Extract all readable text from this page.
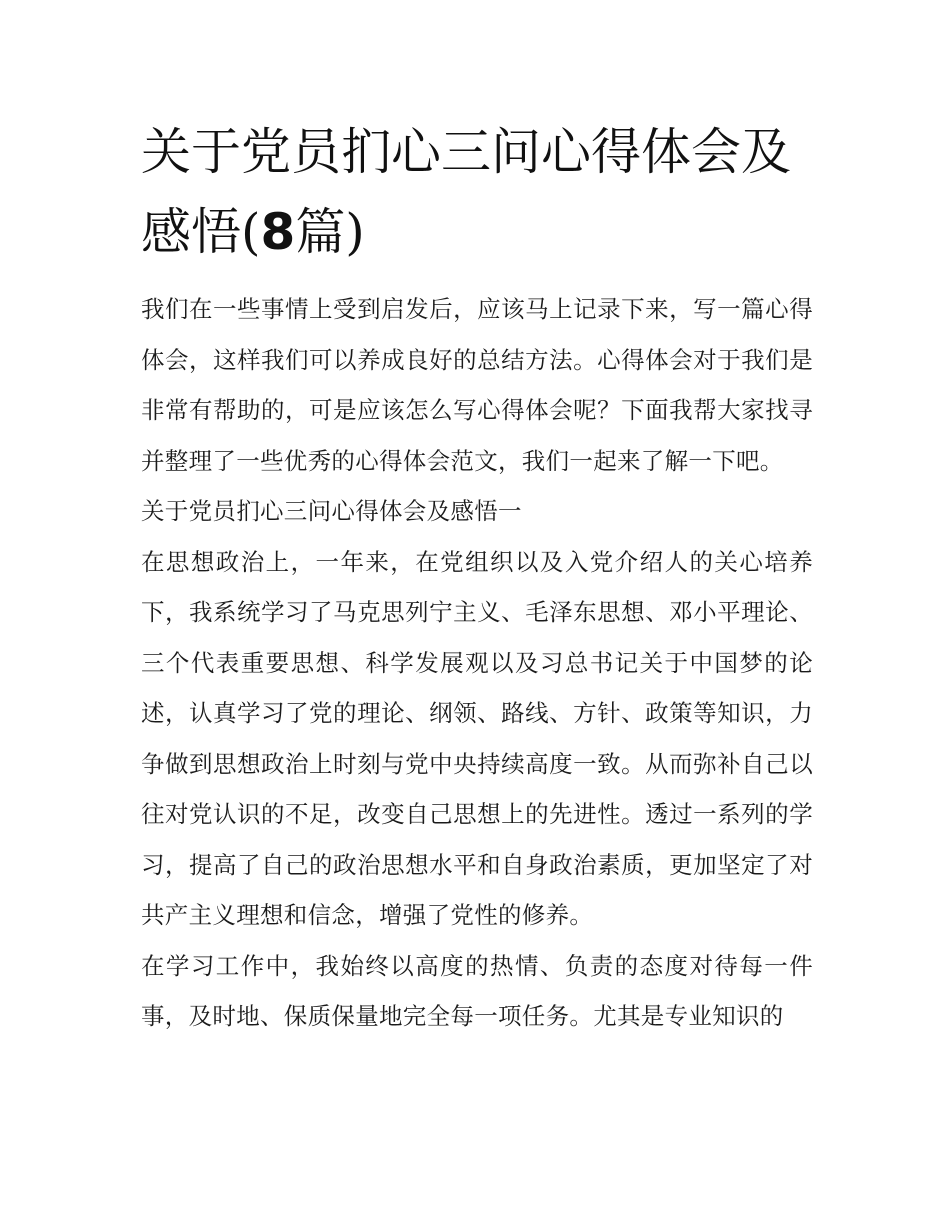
关于党员扪心三问心得体会及感悟(8篇)

我们在一些事情上受到启发后，应该马上记录下来，写一篇心得体会，这样我们可以养成良好的总结方法。心得体会对于我们是非常有帮助的，可是应该怎么写心得体会呢？下面我帮大家找寻并整理了一些优秀的心得体会范文，我们一起来了解一下吧。

关于党员扪心三问心得体会及感悟一

在思想政治上，一年来，在党组织以及入党介绍人的关心培养下，我系统学习了马克思列宁主义、毛泽东思想、邓小平理论、三个代表重要思想、科学发展观以及习总书记关于中国梦的论述，认真学习了党的理论、纲领、路线、方针、政策等知识，力争做到思想政治上时刻与党中央持续高度一致。从而弥补自己以往对党认识的不足，改变自己思想上的先进性。透过一系列的学习，提高了自己的政治思想水平和自身政治素质，更加坚定了对共产主义理想和信念，增强了党性的修养。

在学习工作中，我始终以高度的热情、负责的态度对待每一件事，及时地、保质保量地完全每一项任务。尤其是专业知识的
